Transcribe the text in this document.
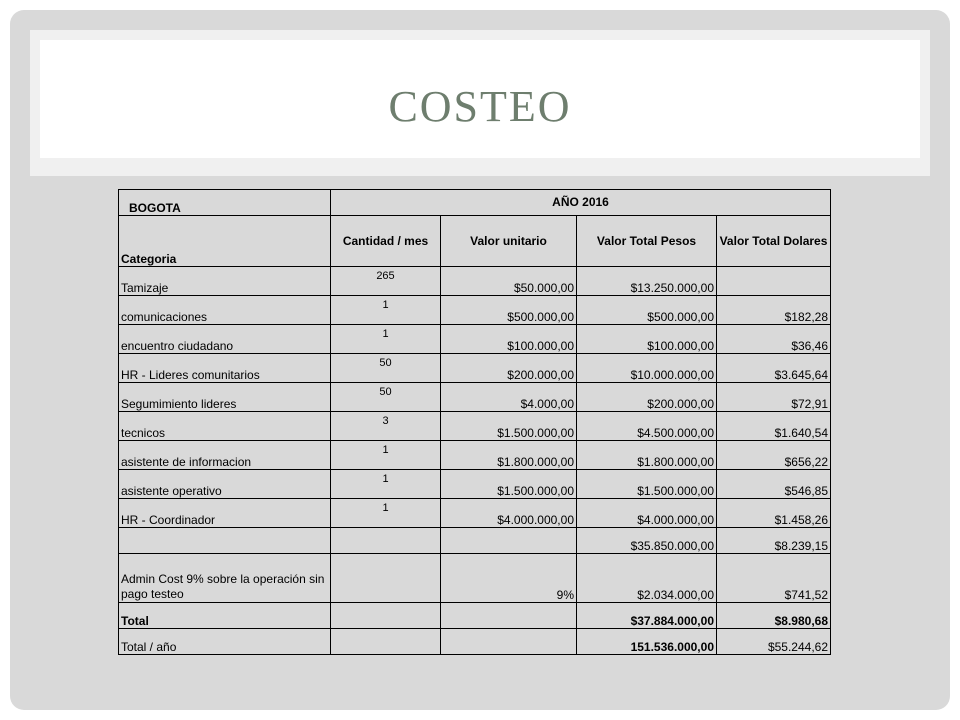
COSTEO
BOGOTA	AÑO 2016			
Categoria	Cantidad / mes	Valor unitario	Valor Total Pesos	Valor Total Dolares
Tamizaje	265	$50.000,00	$13.250.000,00	
comunicaciones	1	$500.000,00	$500.000,00	$182,28
encuentro ciudadano	1	$100.000,00	$100.000,00	$36,46
HR - Lideres comunitarios	50	$200.000,00	$10.000.000,00	$3.645,64
Segumimiento lideres	50	$4.000,00	$200.000,00	$72,91
tecnicos	3	$1.500.000,00	$4.500.000,00	$1.640,54
asistente de informacion	1	$1.800.000,00	$1.800.000,00	$656,22
asistente operativo	1	$1.500.000,00	$1.500.000,00	$546,85
HR - Coordinador	1	$4.000.000,00	$4.000.000,00	$1.458,26
			$35.850.000,00	$8.239,15
Admin Cost 9% sobre la operación sin pago testeo		9%	$2.034.000,00	$741,52
Total			$37.884.000,00	$8.980,68
Total / año			151.536.000,00	$55.244,62
